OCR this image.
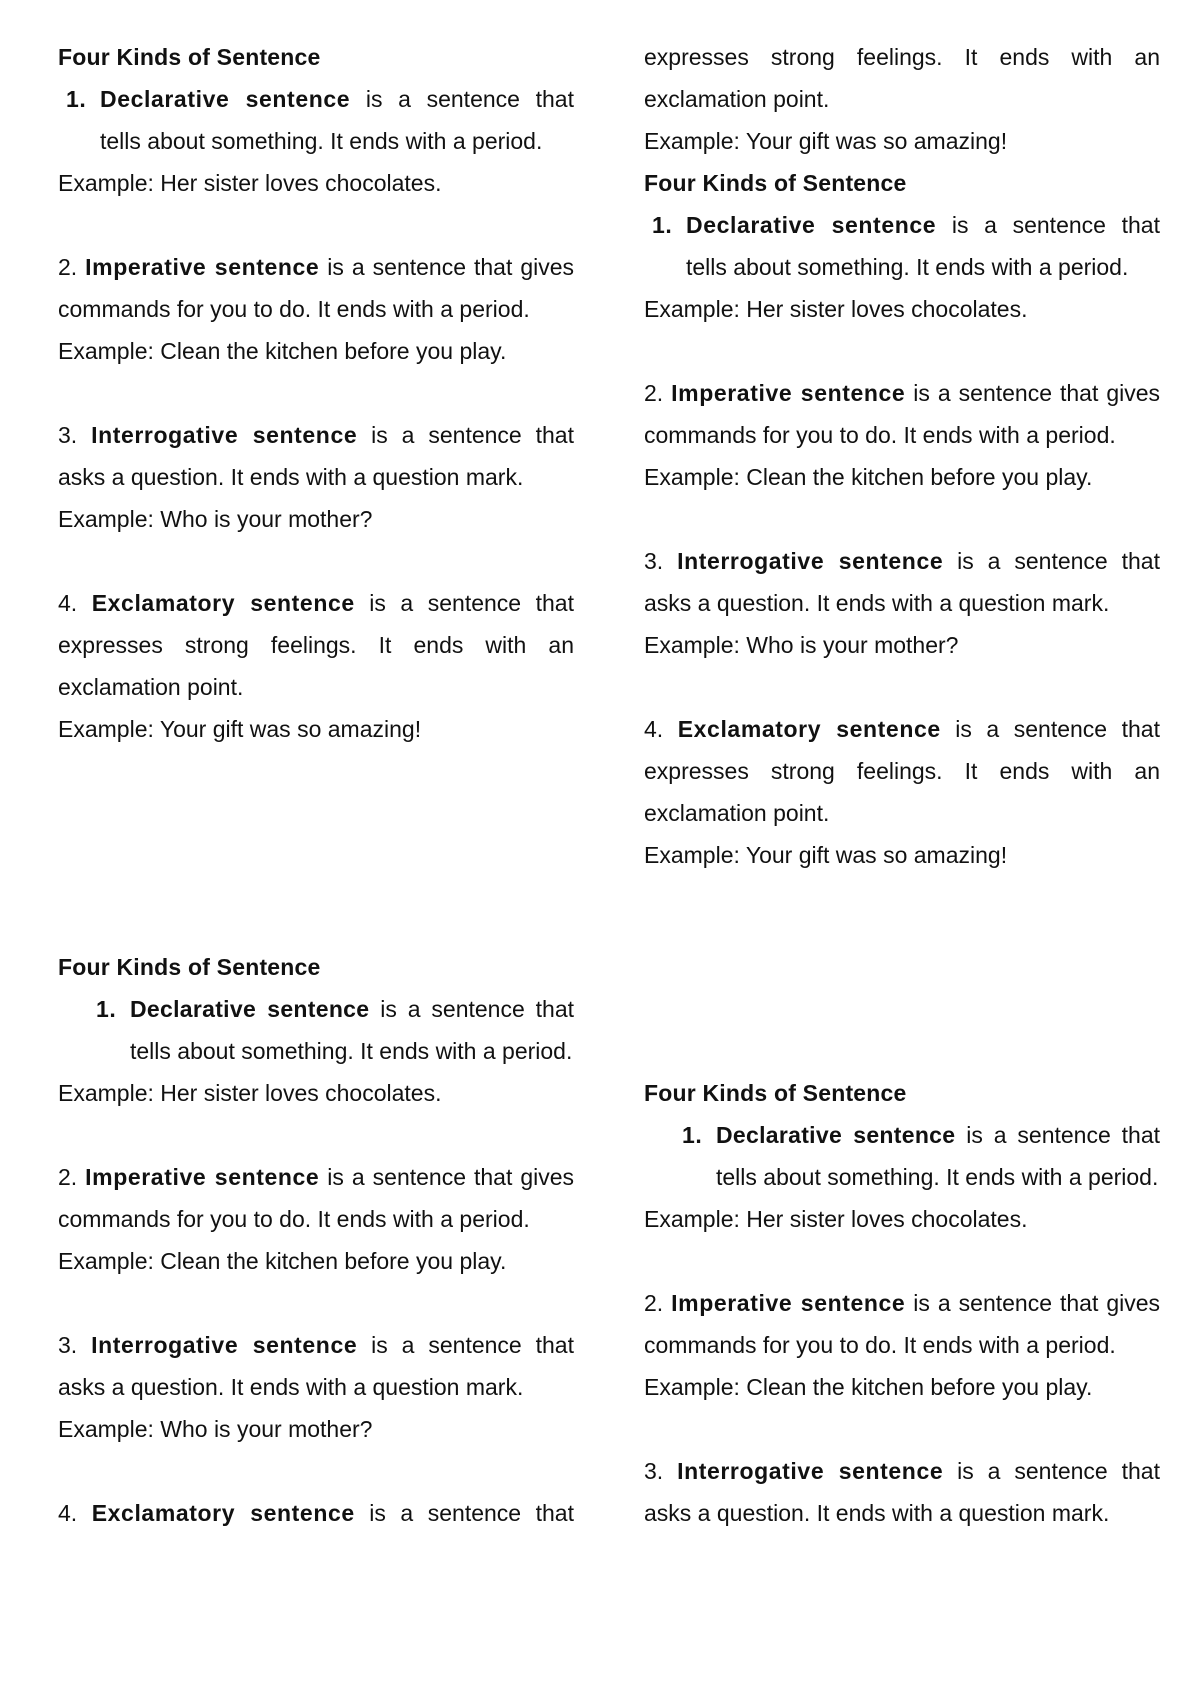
Four Kinds of Sentence

1. Declarative sentence is a sentence that tells about something. It ends with a period.

Example: Her sister loves chocolates.

2. Imperative sentence is a sentence that gives commands for you to do. It ends with a period.

Example: Clean the kitchen before you play.

3. Interrogative sentence is a sentence that asks a question. It ends with a question mark.

Example: Who is your mother?

4. Exclamatory sentence is a sentence that expresses strong feelings. It ends with an exclamation point.

Example: Your gift was so amazing!

expresses strong feelings. It ends with an exclamation point.

Example: Your gift was so amazing!

Four Kinds of Sentence

1. Declarative sentence is a sentence that tells about something. It ends with a period.

Example: Her sister loves chocolates.

2. Imperative sentence is a sentence that gives commands for you to do. It ends with a period.

Example: Clean the kitchen before you play.

3. Interrogative sentence is a sentence that asks a question. It ends with a question mark.

Example: Who is your mother?

4. Exclamatory sentence is a sentence that expresses strong feelings. It ends with an exclamation point.

Example: Your gift was so amazing!

Four Kinds of Sentence

1. Declarative sentence is a sentence that tells about something. It ends with a period.

Example: Her sister loves chocolates.

2. Imperative sentence is a sentence that gives commands for you to do. It ends with a period.

Example: Clean the kitchen before you play.

3. Interrogative sentence is a sentence that asks a question. It ends with a question mark.

Example: Who is your mother?

4. Exclamatory sentence is a sentence that

Four Kinds of Sentence

1. Declarative sentence is a sentence that tells about something. It ends with a period.

Example: Her sister loves chocolates.

2. Imperative sentence is a sentence that gives commands for you to do. It ends with a period.

Example: Clean the kitchen before you play.

3. Interrogative sentence is a sentence that asks a question. It ends with a question mark.
